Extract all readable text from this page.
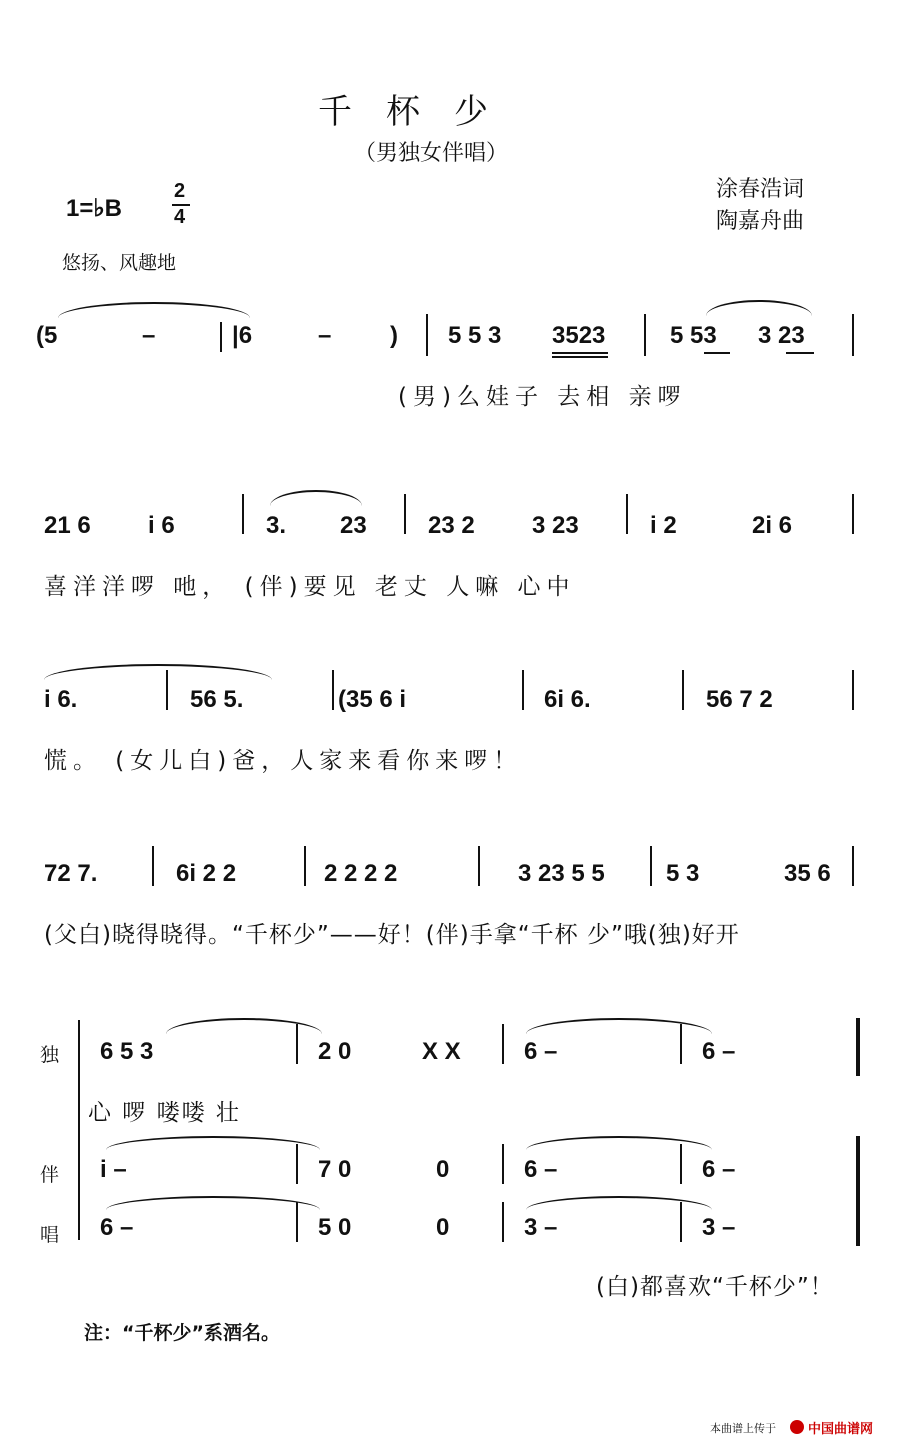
千杯少
（男独女伴唱）
涂春浩词
陶嘉舟曲
1=♭B
2
4
悠扬、风趣地
(5	–	|6	– ) 5 5 3 3523	5 53 3 23
(男)么娃子 去相 亲啰
21 6 i 6	3. 23	23 2 3 23	i 2	2i 6
喜洋洋啰 吔， (伴)要见 老丈 人嘛 心中
i 6.	56 5.	(35 6 i	6i 6.	56 7 2
慌。 (女儿白)爸，人家来看你来啰！
72 7.	6i 2 2	2 2 2 2	3 23 5 5	5 3	35 6
(父白)晓得晓得。“千杯少”——好！(伴)手拿“千杯 少”哦(独)好开
独
伴
唱
6 5 3	2 0	X X	6 –	6 –
心 啰 喽喽 壮
i –	7 0	0	6 –	6 –
6 –	5 0	0	3 –	3 –
(白)都喜欢“千杯少”！
注：“千杯少”系酒名。
本曲谱上传于 中国曲谱网
